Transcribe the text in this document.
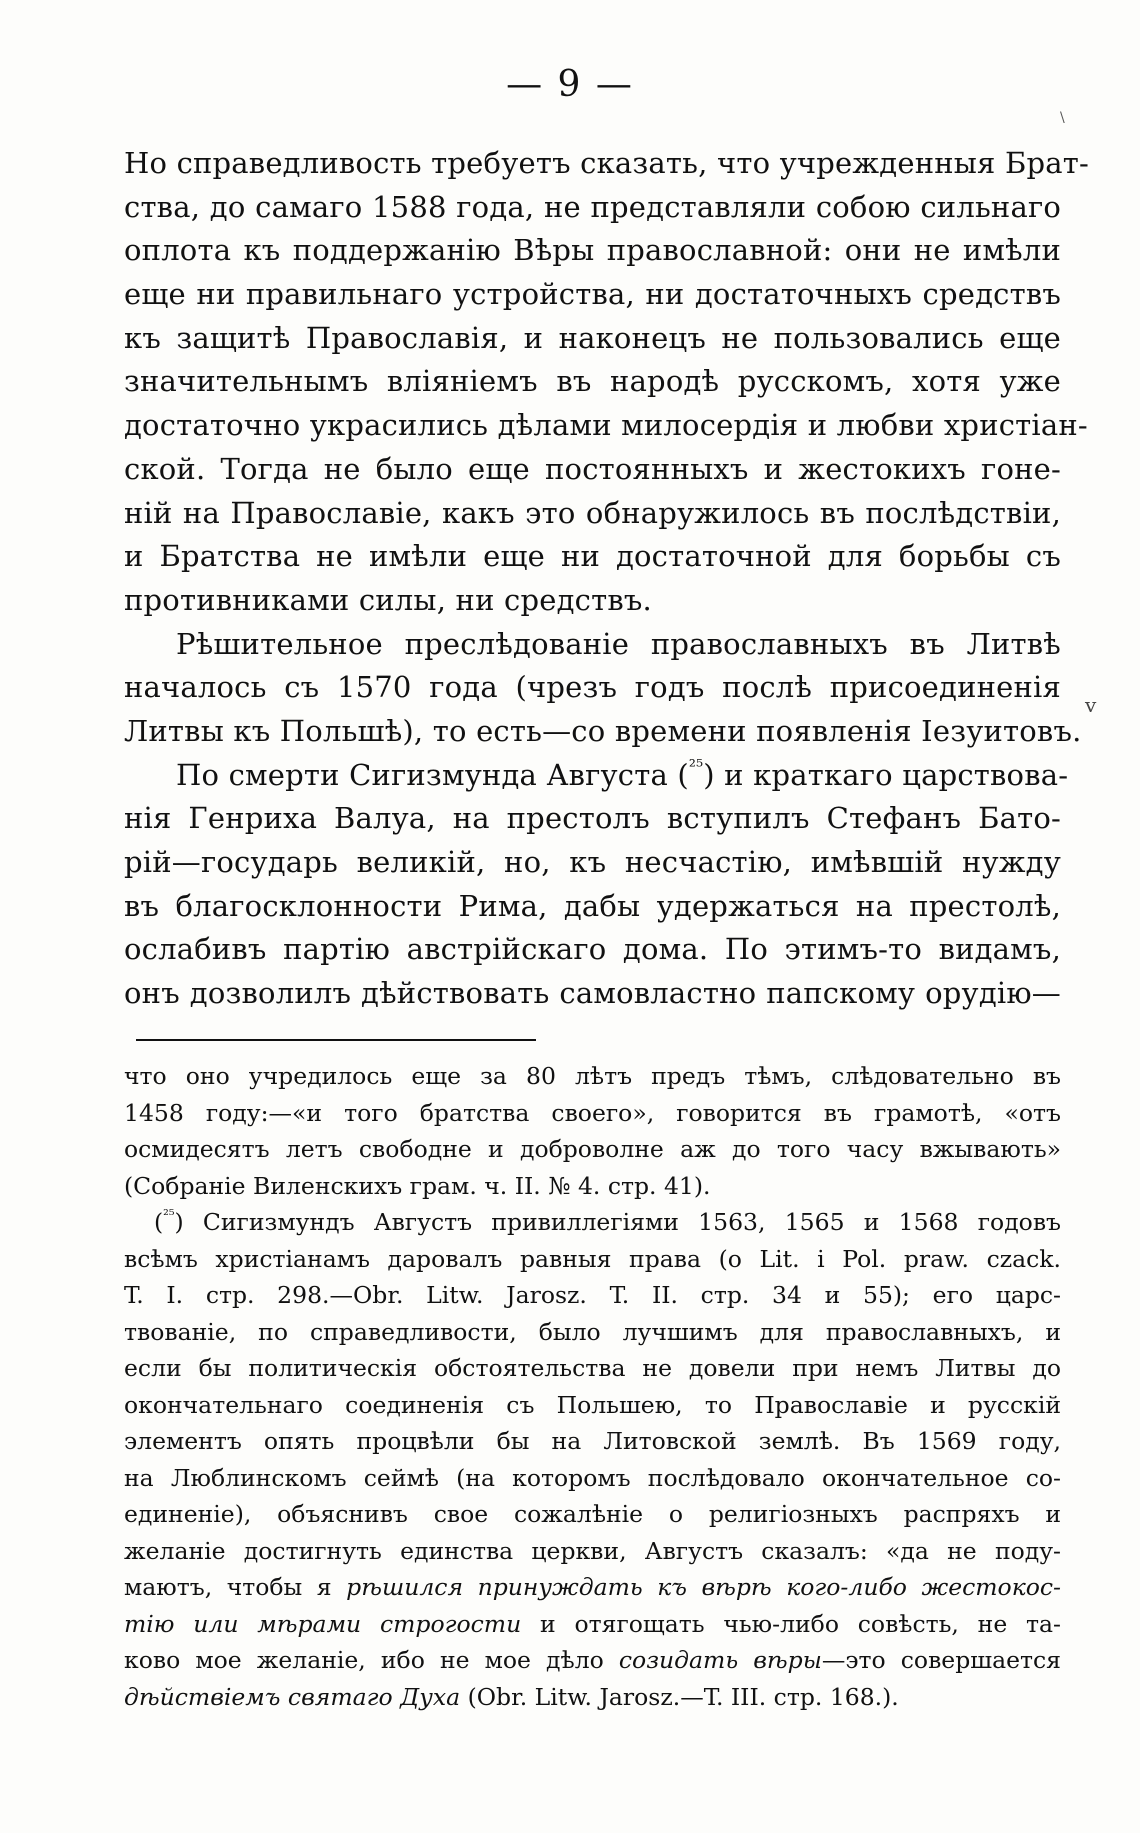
\
— 9 —
Но справедливость требуетъ сказать, что учрежденныя Брат-
ства, до самаго 1588 года, не представляли собою сильнаго
оплота къ поддержанію Вѣры православной: они не имѣли
еще ни правильнаго устройства, ни достаточныхъ средствъ
къ защитѣ Православія, и наконецъ не пользовались еще
значительнымъ вліяніемъ въ народѣ русскомъ, хотя уже
достаточно украсились дѣлами милосердія и любви христіан-
ской. Тогда не было еще постоянныхъ и жестокихъ гоне-
ній на Православіе, какъ это обнаружилось въ послѣдствіи,
и Братства не имѣли еще ни достаточной для борьбы съ
противниками силы, ни средствъ.
Рѣшительное преслѣдованіе православныхъ въ Литвѣ
началось съ 1570 года (чрезъ годъ послѣ присоединенія
Литвы къ Польшѣ), то есть—со времени появленія Іезуитовъ.
По смерти Сигизмунда Августа ($^{^{25}}$) и краткаго царствова-
нія Генриха Валуа, на престолъ вступилъ Стефанъ Бато-
рій—государь великій, но, къ несчастію, имѣвшій нужду
въ благосклонности Рима, дабы удержаться на престолѣ,
ослабивъ партію австрійскаго дома. По этимъ-то видамъ,
онъ дозволилъ дѣйствовать самовластно папскому орудію—
v
что оно учредилось еще за 80 лѣтъ предъ тѣмъ, слѣдовательно въ
1458 году:—«и того братства своего», говорится въ грамотѣ, «отъ
осмидесятъ летъ свободне и доброволне аж до того часу вжывають»
(Собраніе Виленскихъ грам. ч. II. № 4. стр. 41).
($^{^{25}}$) Сигизмундъ Августъ привиллегіями 1563, 1565 и 1568 годовъ
всѣмъ христіанамъ даровалъ равныя права (o Lit. i Pol. praw. czack.
T. I. стр. 298.—Obr. Litw. Jarosz. T. II. стр. 34 и 55); его царс-
твованіе, по справедливости, было лучшимъ для православныхъ, и
если бы политическія обстоятельства не довели при немъ Литвы до
окончательнаго соединенія съ Польшею, то Православіе и русскій
элементъ опять процвѣли бы на Литовской землѣ. Въ 1569 году,
на Люблинскомъ сеймѣ (на которомъ послѣдовало окончательное со-
единеніе), объяснивъ свое сожалѣніе о религіозныхъ распряхъ и
желаніе достигнуть единства церкви, Августъ сказалъ: «да не поду-
маютъ, чтобы я рѣшился принуждать къ вѣрѣ кого-либо жестокос-
тію или мѣрами строгости и отягощать чью-либо совѣсть, не та-
ково мое желаніе, ибо не мое дѣло созидать вѣры—это совершается
дѣйствіемъ святаго Духа (Obr. Litw. Jarosz.—T. III. стр. 168.).
